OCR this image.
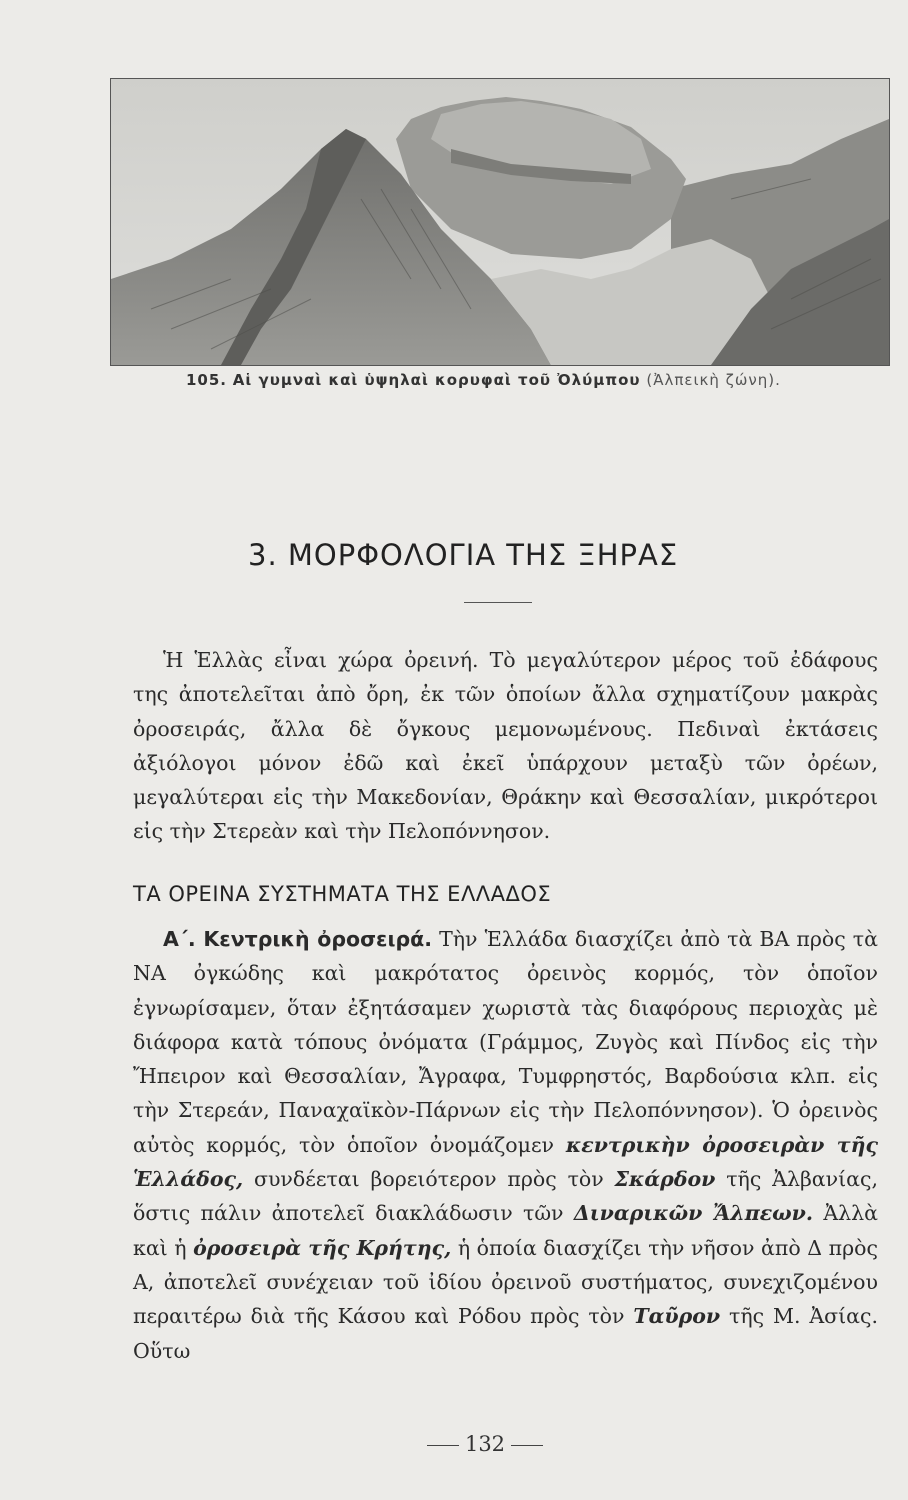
105. Αἱ γυμναὶ καὶ ὑψηλαὶ κορυφαὶ τοῦ Ὀλύμπου (Ἀλπεικὴ ζώνη).
3. ΜΟΡΦΟΛΟΓΙΑ ΤΗΣ ΞΗΡΑΣ

Ἡ Ἑλλὰς εἶναι χώρα ὀρεινή. Τὸ μεγαλύτερον μέρος τοῦ ἐδάφους της ἀποτελεῖται ἀπὸ ὄρη, ἐκ τῶν ὁποίων ἄλλα σχηματίζουν μακρὰς ὀροσειράς, ἄλλα δὲ ὄγκους μεμονωμένους. Πεδιναὶ ἐκτάσεις ἀξιόλογοι μόνον ἐδῶ καὶ ἐκεῖ ὑπάρχουν μεταξὺ τῶν ὀρέων, μεγαλύτεραι εἰς τὴν Μακεδονίαν, Θράκην καὶ Θεσσαλίαν, μικρότεροι εἰς τὴν Στερεὰν καὶ τὴν Πελοπόννησον.

ΤΑ ΟΡΕΙΝΑ ΣΥΣΤΗΜΑΤΑ ΤΗΣ ΕΛΛΑΔΟΣ

Α΄. Κεντρικὴ ὀροσειρά. Τὴν Ἑλλάδα διασχίζει ἀπὸ τὰ ΒΑ πρὸς τὰ ΝΑ ὀγκώδης καὶ μακρότατος ὀρεινὸς κορμός, τὸν ὁποῖον ἐγνωρίσαμεν, ὅταν ἐξητάσαμεν χωριστὰ τὰς διαφόρους περιοχὰς μὲ διάφορα κατὰ τόπους ὀνόματα (Γράμμος, Ζυγὸς καὶ Πίνδος εἰς τὴν Ἤπειρον καὶ Θεσσαλίαν, Ἄγραφα, Τυμφρηστός, Βαρδούσια κλπ. εἰς τὴν Στερεάν, Παναχαϊκὸν-Πάρνων εἰς τὴν Πελοπόννησον). Ὁ ὀρεινὸς αὐτὸς κορμός, τὸν ὁποῖον ὀνομάζομεν κεντρικὴν ὀροσειρὰν τῆς Ἑλλάδος, συνδέεται βορειότερον πρὸς τὸν Σκάρδον τῆς Ἀλβανίας, ὅστις πάλιν ἀποτελεῖ διακλάδωσιν τῶν Διναρικῶν Ἄλπεων. Ἀλλὰ καὶ ἡ ὀροσειρὰ τῆς Κρήτης, ἡ ὁποία διασχίζει τὴν νῆσον ἀπὸ Δ πρὸς Α, ἀποτελεῖ συνέχειαν τοῦ ἰδίου ὀρεινοῦ συστήματος, συνεχιζομένου περαιτέρω διὰ τῆς Κάσου καὶ Ρόδου πρὸς τὸν Ταῦρον τῆς Μ. Ἀσίας. Οὕτω

132
